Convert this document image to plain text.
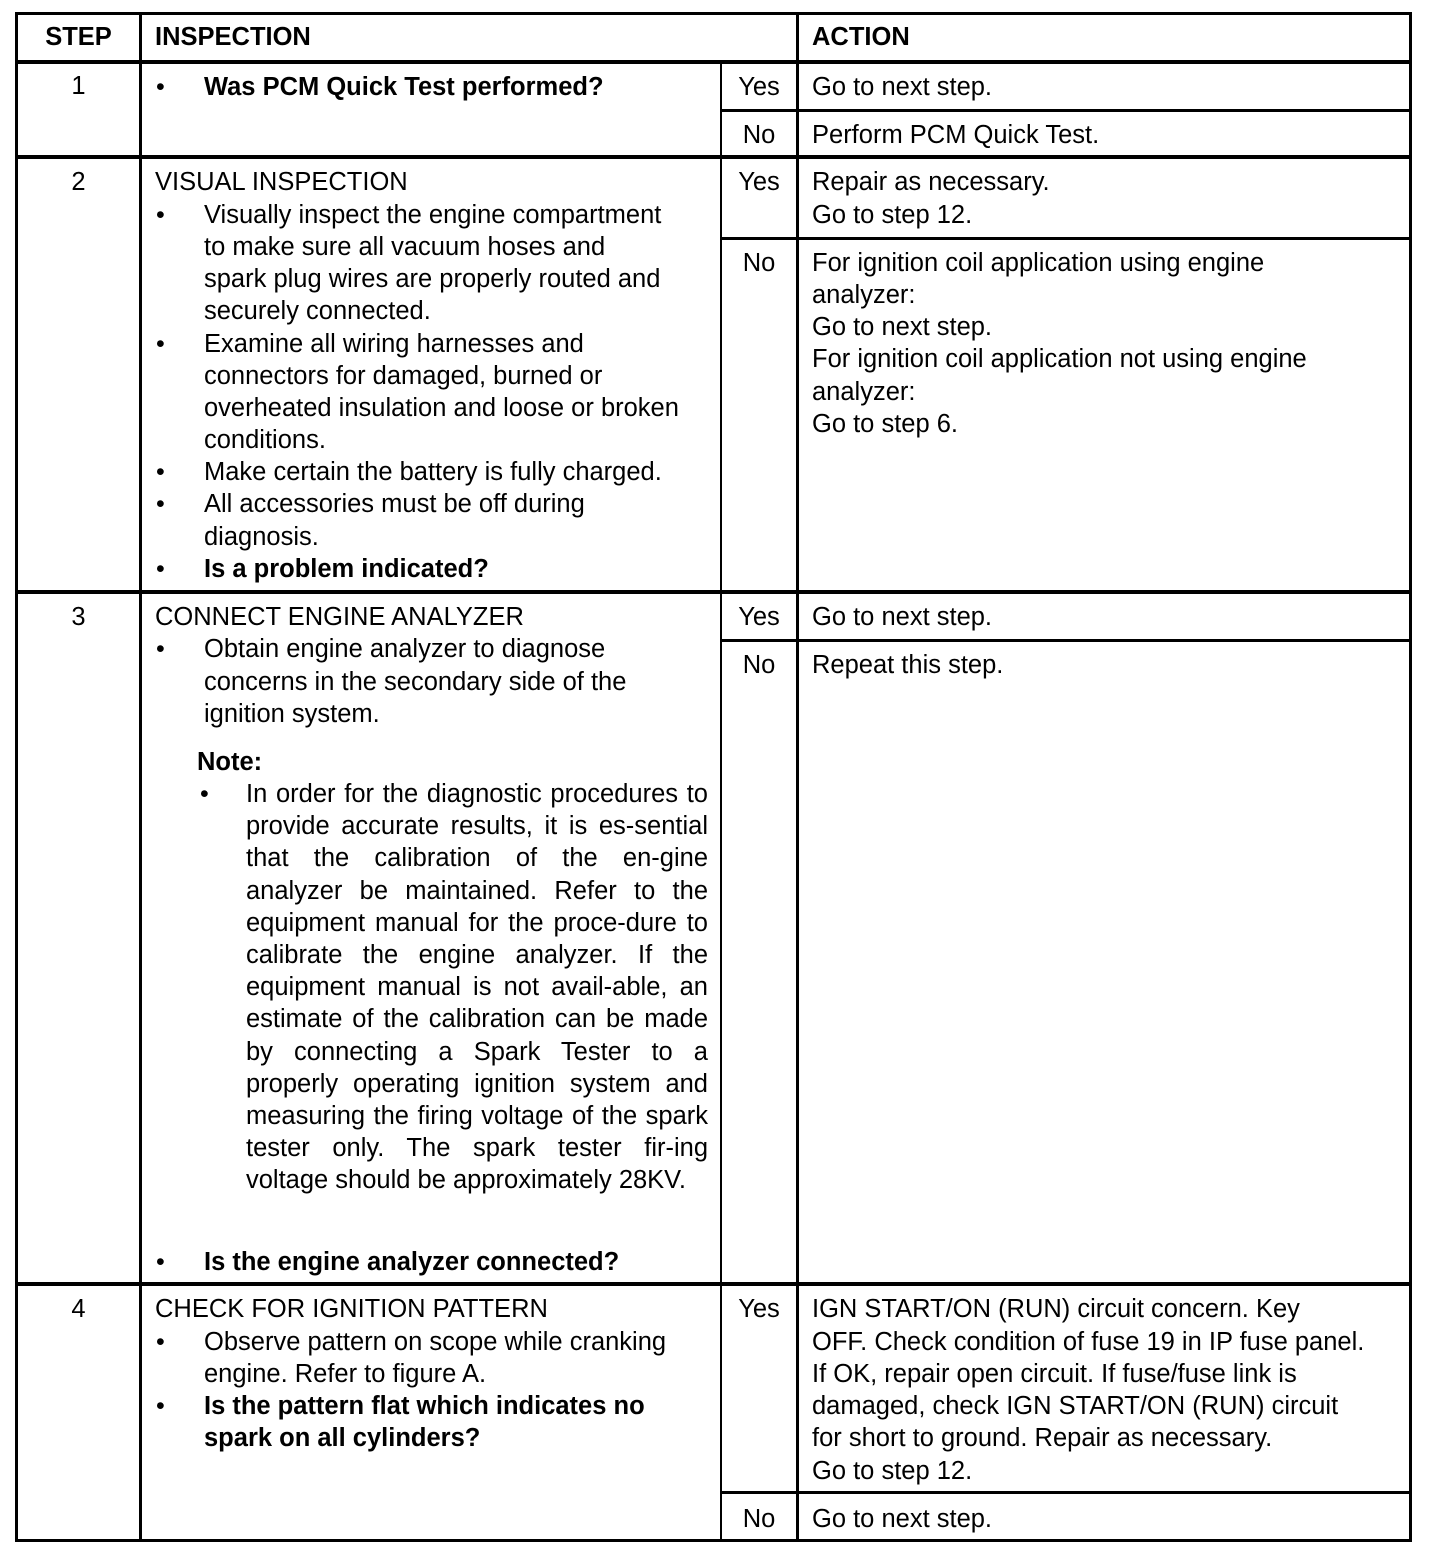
STEP	INSPECTION	ACTION
1	• Was PCM Quick Test performed?	Yes	Go to next step.
No	Perform PCM Quick Test.
2	VISUAL INSPECTION
• Visually inspect the engine compartment
to make sure all vacuum hoses and
spark plug wires are properly routed and
securely connected.
• Examine all wiring harnesses and
connectors for damaged, burned or
overheated insulation and loose or broken
conditions.
• Make certain the battery is fully charged.
• All accessories must be off during
diagnosis.
• Is a problem indicated?
Yes	Repair as necessary.
Go to step 12.
No	For ignition coil application using engine
analyzer:
Go to next step.
For ignition coil application not using engine
analyzer:
Go to step 6.
3	CONNECT ENGINE ANALYZER
• Obtain engine analyzer to diagnose
concerns in the secondary side of the
ignition system.
Note:
• In order for the diagnostic procedures to provide accurate results, it is es-sential that the calibration of the en-gine analyzer be maintained. Refer to the equipment manual for the proce-dure to calibrate the engine analyzer. If the equipment manual is not avail-able, an estimate of the calibration can be made by connecting a Spark Tester to a properly operating ignition system and measuring the firing voltage of the spark tester only. The spark tester fir-ing voltage should be approximately 28KV.
• Is the engine analyzer connected?
Yes	Go to next step.
No	Repeat this step.
4	CHECK FOR IGNITION PATTERN
• Observe pattern on scope while cranking
engine. Refer to figure A.
• Is the pattern flat which indicates no
spark on all cylinders?
Yes	IGN START/ON (RUN) circuit concern. Key
OFF. Check condition of fuse 19 in IP fuse panel.
If OK, repair open circuit. If fuse/fuse link is
damaged, check IGN START/ON (RUN) circuit
for short to ground. Repair as necessary.
Go to step 12.
No	Go to next step.
